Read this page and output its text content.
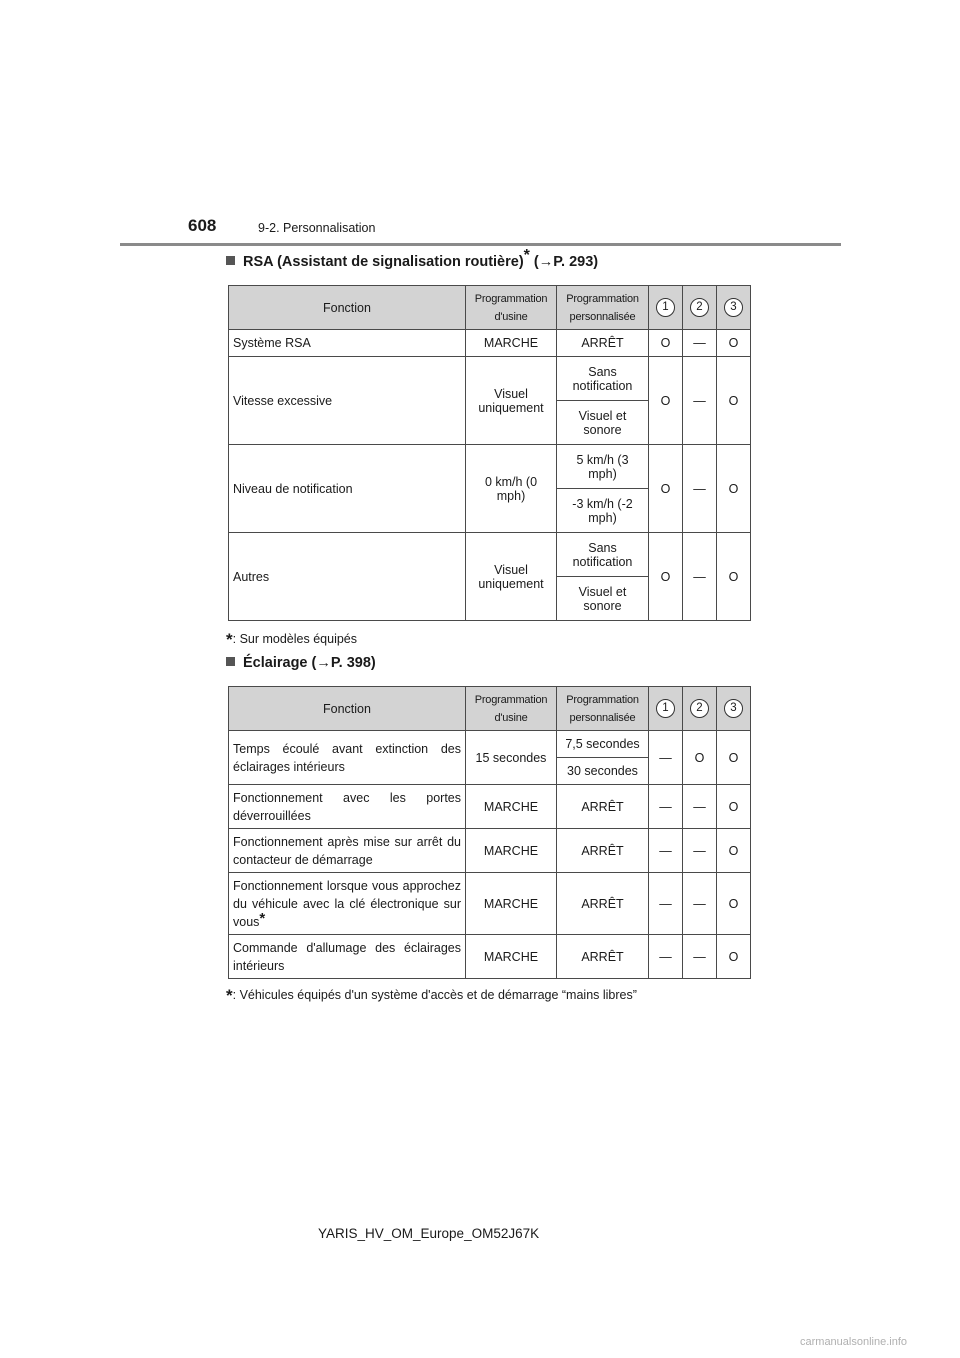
608	9-2. Personnalisation
RSA (Assistant de signalisation routière)* (→P. 293)
Fonction	Programmation d'usine	Programmation personnalisée	1	2	3
Système RSA	MARCHE	ARRÊT	O	—	O
Vitesse excessive	Visuel uniquement	Sans notification	O	—	O
		Visuel et sonore			
Niveau de notification	0 km/h (0 mph)	5 km/h (3 mph)	O	—	O
		-3 km/h (-2 mph)			
Autres	Visuel uniquement	Sans notification	O	—	O
		Visuel et sonore			
*: Sur modèles équipés
Éclairage (→P. 398)
Fonction	Programmation d'usine	Programmation personnalisée	1	2	3
Temps écoulé avant extinction des éclairages intérieurs	15 secondes	7,5 secondes	—	O	O
		30 secondes			
Fonctionnement avec les portes déverrouillées	MARCHE	ARRÊT	—	—	O
Fonctionnement après mise sur arrêt du contacteur de démarrage	MARCHE	ARRÊT	—	—	O
Fonctionnement lorsque vous approchez du véhicule avec la clé électronique sur vous*	MARCHE	ARRÊT	—	—	O
Commande d'allumage des éclairages intérieurs	MARCHE	ARRÊT	—	—	O
*: Véhicules équipés d'un système d'accès et de démarrage “mains libres”
YARIS_HV_OM_Europe_OM52J67K
carmanualsonline.info
